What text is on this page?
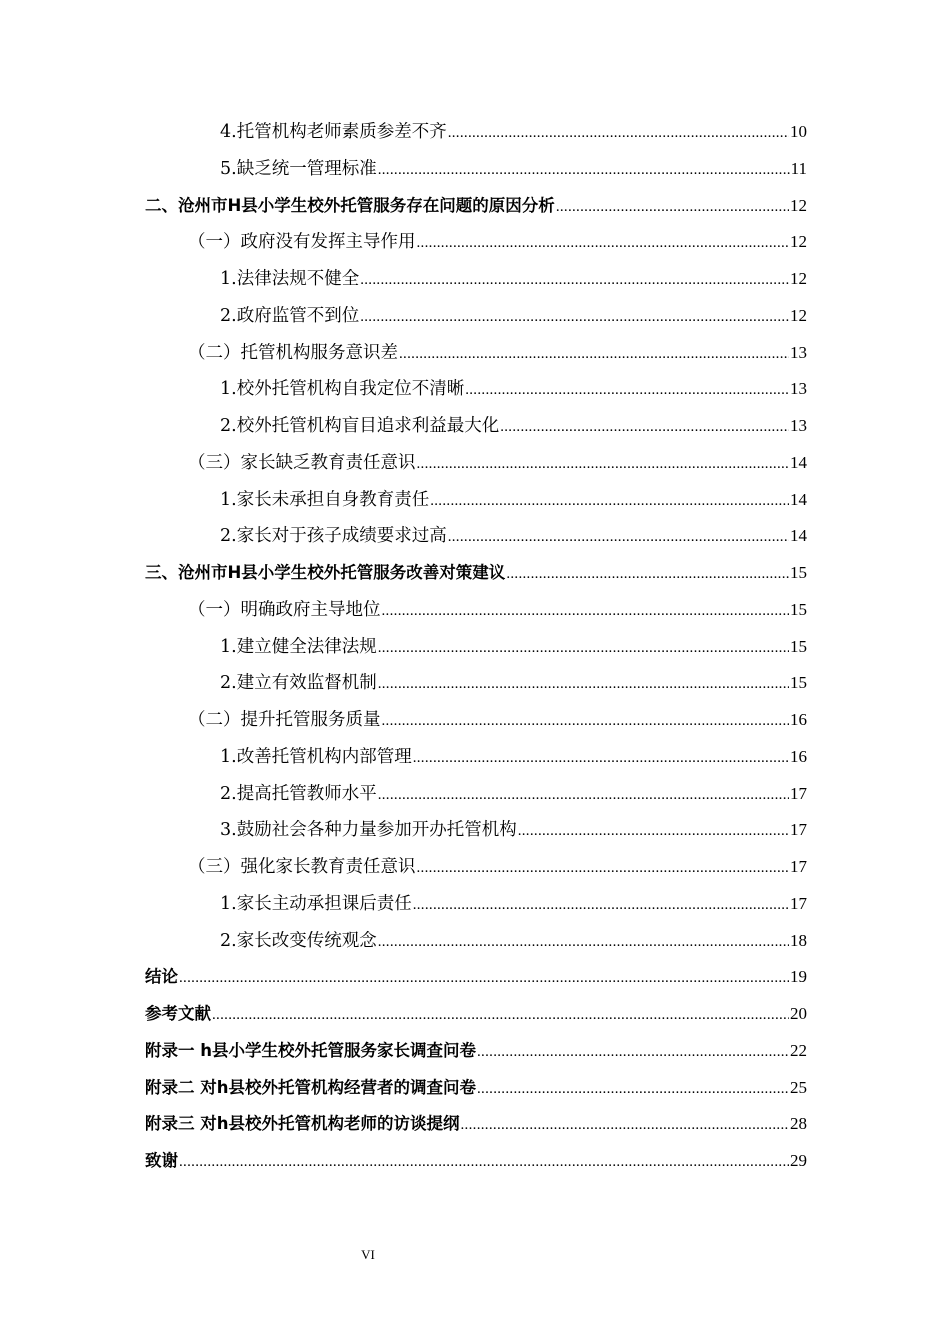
4. 托管机构老师素质参差不齐 .....	10
5. 缺乏统一管理标准 .....	11
二、 沧州市H县小学生校外托管服务存在问题的原因分析 .....	12
（一） 政府没有发挥主导作用 .....	12
1. 法律法规不健全 .....	12
2. 政府监管不到位 .....	12
（二） 托管机构服务意识差 .....	13
1. 校外托管机构自我定位不清晰 .....	13
2. 校外托管机构盲目追求利益最大化 .....	13
（三） 家长缺乏教育责任意识 .....	14
1. 家长未承担自身教育责任 .....	14
2. 家长对于孩子成绩要求过高 .....	14
三、 沧州市H县小学生校外托管服务改善对策建议 .....	15
（一） 明确政府主导地位 .....	15
1. 建立健全法律法规 .....	15
2. 建立有效监督机制 .....	15
（二） 提升托管服务质量 .....	16
1. 改善托管机构内部管理 .....	16
2. 提高托管教师水平 .....	17
3. 鼓励社会各种力量参加开办托管机构 .....	17
（三） 强化家长教育责任意识 .....	17
1. 家长主动承担课后责任 .....	17
2. 家长改变传统观念 .....	18
结论 .....	19
参考文献 .....	20
附录一 h县小学生校外托管服务家长调查问卷 .....	22
附录二 对h县校外托管机构经营者的调查问卷 .....	25
附录三 对h县校外托管机构老师的访谈提纲 .....	28
致谢 .....	29
VI
